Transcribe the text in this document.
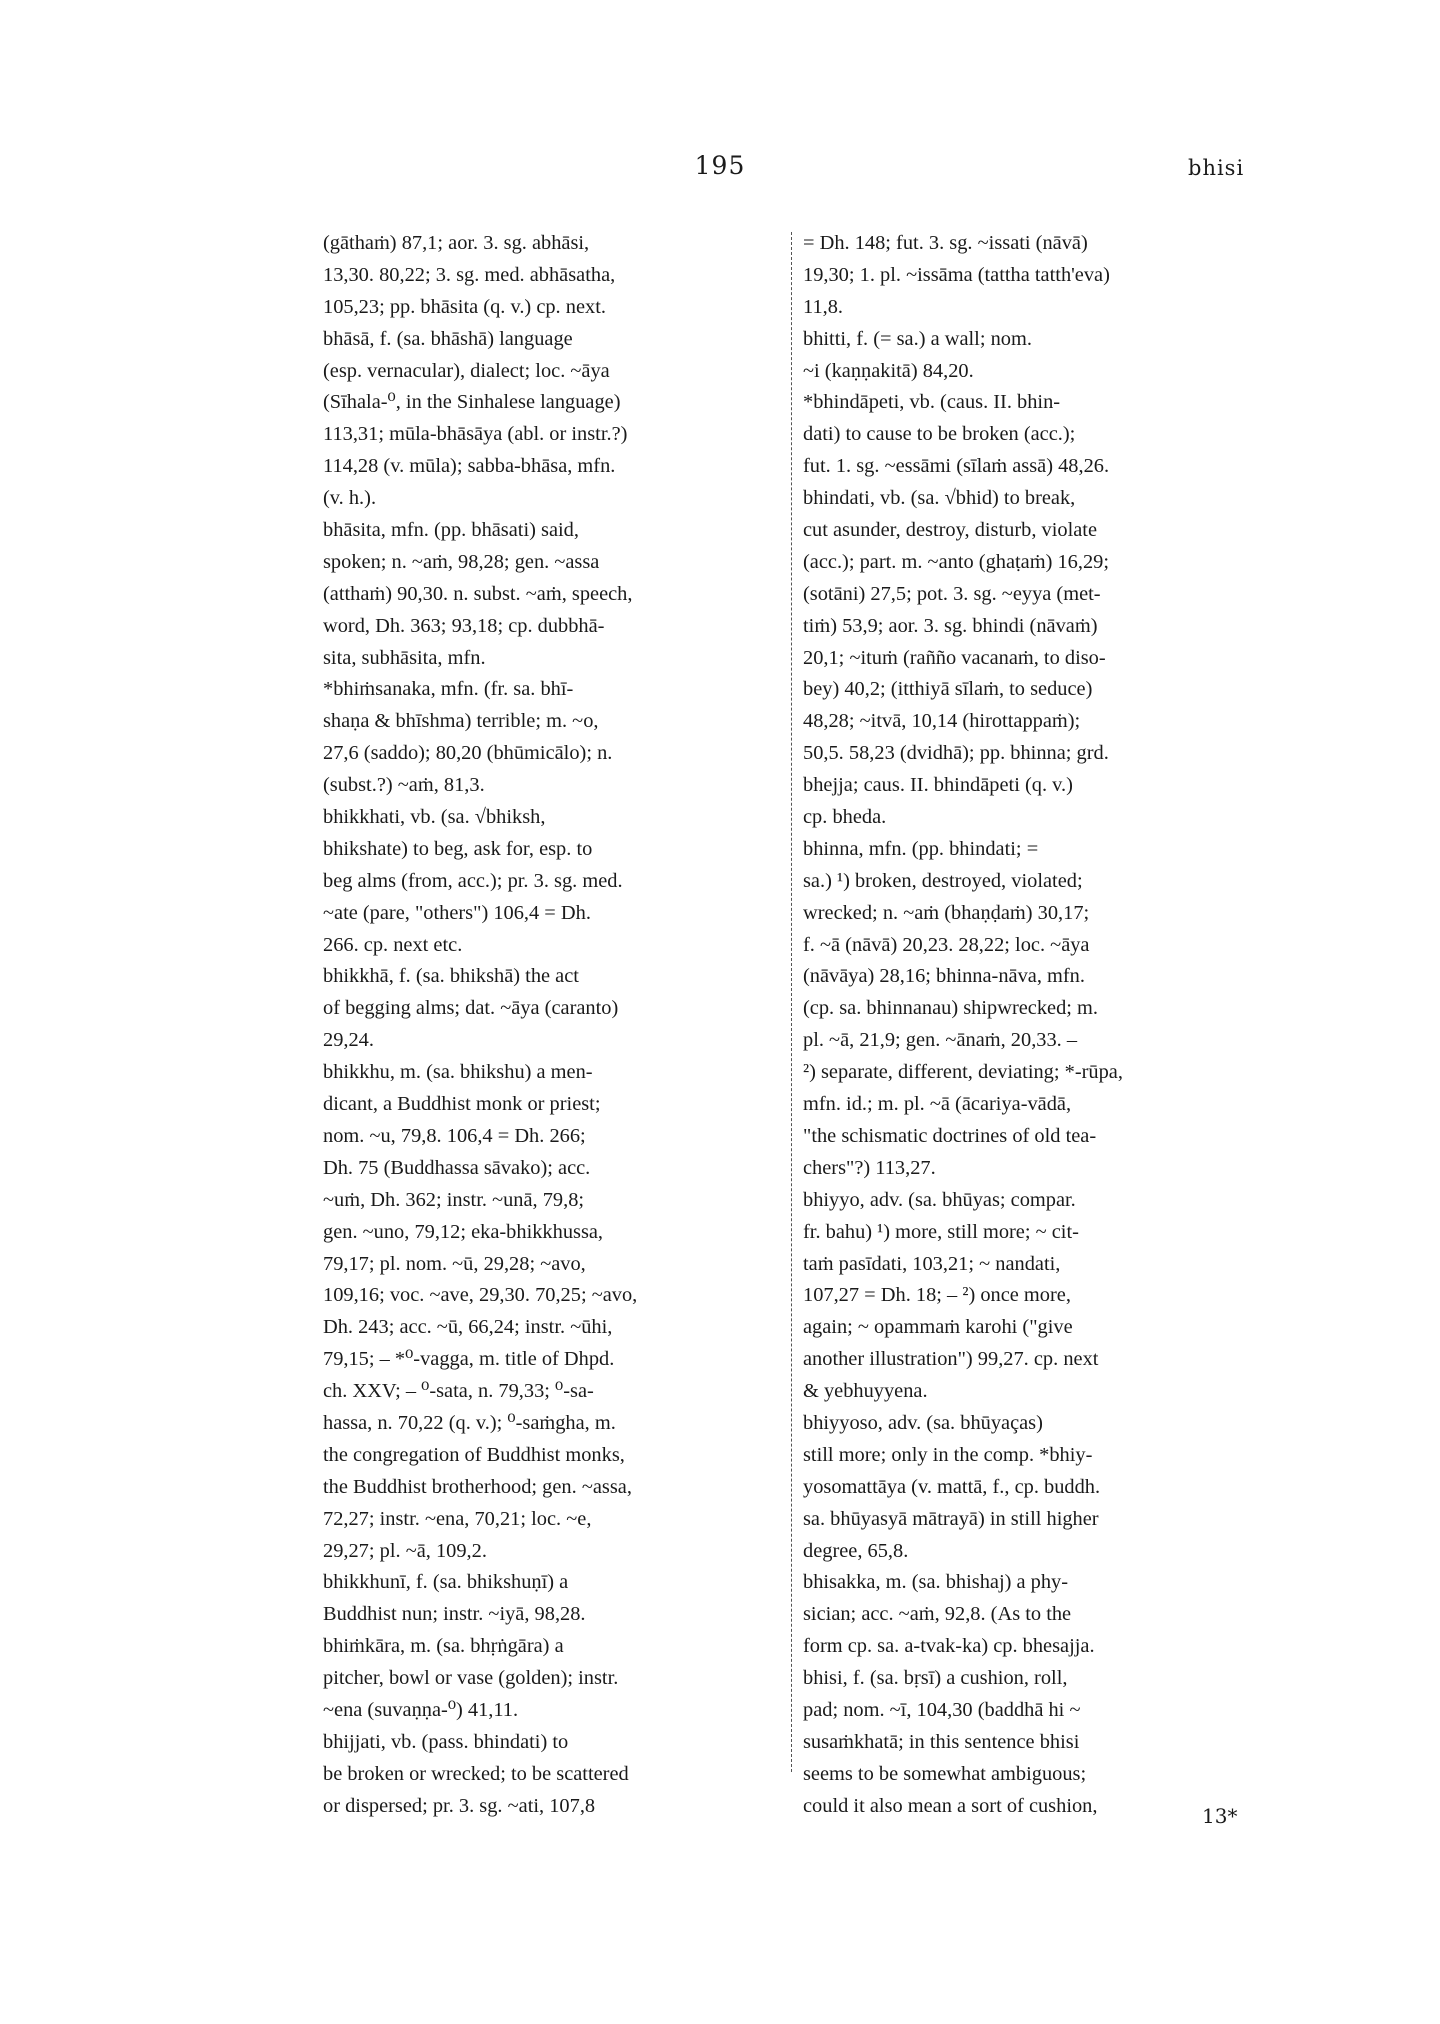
195	bhisi
(gāthaṁ) 87,1; aor. 3. sg. abhāsi,
13,30. 80,22; 3. sg. med. abhāsatha,
105,23; pp. bhāsita (q. v.) cp. next.
bhāsā, f. (sa. bhāshā) language
(esp. vernacular), dialect; loc. ~āya
(Sīhala-⁰, in the Sinhalese language)
113,31; mūla-bhāsāya (abl. or instr.?)
114,28 (v. mūla); sabba-bhāsa, mfn.
(v. h.).
bhāsita, mfn. (pp. bhāsati) said,
spoken; n. ~aṁ, 98,28; gen. ~assa
(atthaṁ) 90,30. n. subst. ~aṁ, speech,
word, Dh. 363; 93,18; cp. dubbhā-
sita, subhāsita, mfn.
*bhiṁsanaka, mfn. (fr. sa. bhī-
shaṇa & bhīshma) terrible; m. ~o,
27,6 (saddo); 80,20 (bhūmicālo); n.
(subst.?) ~aṁ, 81,3.
bhikkhati, vb. (sa. √bhiksh,
bhikshate) to beg, ask for, esp. to
beg alms (from, acc.); pr. 3. sg. med.
~ate (pare, "others") 106,4 = Dh.
266. cp. next etc.
bhikkhā, f. (sa. bhikshā) the act
of begging alms; dat. ~āya (caranto)
29,24.
bhikkhu, m. (sa. bhikshu) a men-
dicant, a Buddhist monk or priest;
nom. ~u, 79,8. 106,4 = Dh. 266;
Dh. 75 (Buddhassa sāvako); acc.
~uṁ, Dh. 362; instr. ~unā, 79,8;
gen. ~uno, 79,12; eka-bhikkhussa,
79,17; pl. nom. ~ū, 29,28; ~avo,
109,16; voc. ~ave, 29,30. 70,25; ~avo,
Dh. 243; acc. ~ū, 66,24; instr. ~ūhi,
79,15; – *⁰-vagga, m. title of Dhpd.
ch. XXV; – ⁰-sata, n. 79,33; ⁰-sa-
hassa, n. 70,22 (q. v.); ⁰-saṁgha, m.
the congregation of Buddhist monks,
the Buddhist brotherhood; gen. ~assa,
72,27; instr. ~ena, 70,21; loc. ~e,
29,27; pl. ~ā, 109,2.
bhikkhunī, f. (sa. bhikshuṇī) a
Buddhist nun; instr. ~iyā, 98,28.
bhiṁkāra, m. (sa. bhṛṅgāra) a
pitcher, bowl or vase (golden); instr.
~ena (suvaṇṇa-⁰) 41,11.
bhijjati, vb. (pass. bhindati) to
be broken or wrecked; to be scattered
or dispersed; pr. 3. sg. ~ati, 107,8
= Dh. 148; fut. 3. sg. ~issati (nāvā)
19,30; 1. pl. ~issāma (tattha tatth'eva)
11,8.
bhitti, f. (= sa.) a wall; nom.
~i (kaṇṇakitā) 84,20.
*bhindāpeti, vb. (caus. II. bhin-
dati) to cause to be broken (acc.);
fut. 1. sg. ~essāmi (sīlaṁ assā) 48,26.
bhindati, vb. (sa. √bhid) to break,
cut asunder, destroy, disturb, violate
(acc.); part. m. ~anto (ghaṭaṁ) 16,29;
(sotāni) 27,5; pot. 3. sg. ~eyya (met-
tiṁ) 53,9; aor. 3. sg. bhindi (nāvaṁ)
20,1; ~ituṁ (rañño vacanaṁ, to diso-
bey) 40,2; (itthiyā sīlaṁ, to seduce)
48,28; ~itvā, 10,14 (hirottappaṁ);
50,5. 58,23 (dvidhā); pp. bhinna; grd.
bhejja; caus. II. bhindāpeti (q. v.)
cp. bheda.
bhinna, mfn. (pp. bhindati; =
sa.) ¹) broken, destroyed, violated;
wrecked; n. ~aṁ (bhaṇḍaṁ) 30,17;
f. ~ā (nāvā) 20,23. 28,22; loc. ~āya
(nāvāya) 28,16; bhinna-nāva, mfn.
(cp. sa. bhinnanau) shipwrecked; m.
pl. ~ā, 21,9; gen. ~ānaṁ, 20,33. –
²) separate, different, deviating; *-rūpa,
mfn. id.; m. pl. ~ā (ācariya-vādā,
"the schismatic doctrines of old tea-
chers"?) 113,27.
bhiyyo, adv. (sa. bhūyas; compar.
fr. bahu) ¹) more, still more; ~ cit-
taṁ pasīdati, 103,21; ~ nandati,
107,27 = Dh. 18; – ²) once more,
again; ~ opammaṁ karohi ("give
another illustration") 99,27. cp. next
& yebhuyyena.
bhiyyoso, adv. (sa. bhūyaças)
still more; only in the comp. *bhiy-
yosomattāya (v. mattā, f., cp. buddh.
sa. bhūyasyā mātrayā) in still higher
degree, 65,8.
bhisakka, m. (sa. bhishaj) a phy-
sician; acc. ~aṁ, 92,8. (As to the
form cp. sa. a-tvak-ka) cp. bhesajja.
bhisi, f. (sa. bṛsī) a cushion, roll,
pad; nom. ~ī, 104,30 (baddhā hi ~
susaṁkhatā; in this sentence bhisi
seems to be somewhat ambiguous;
could it also mean a sort of cushion,	13*
